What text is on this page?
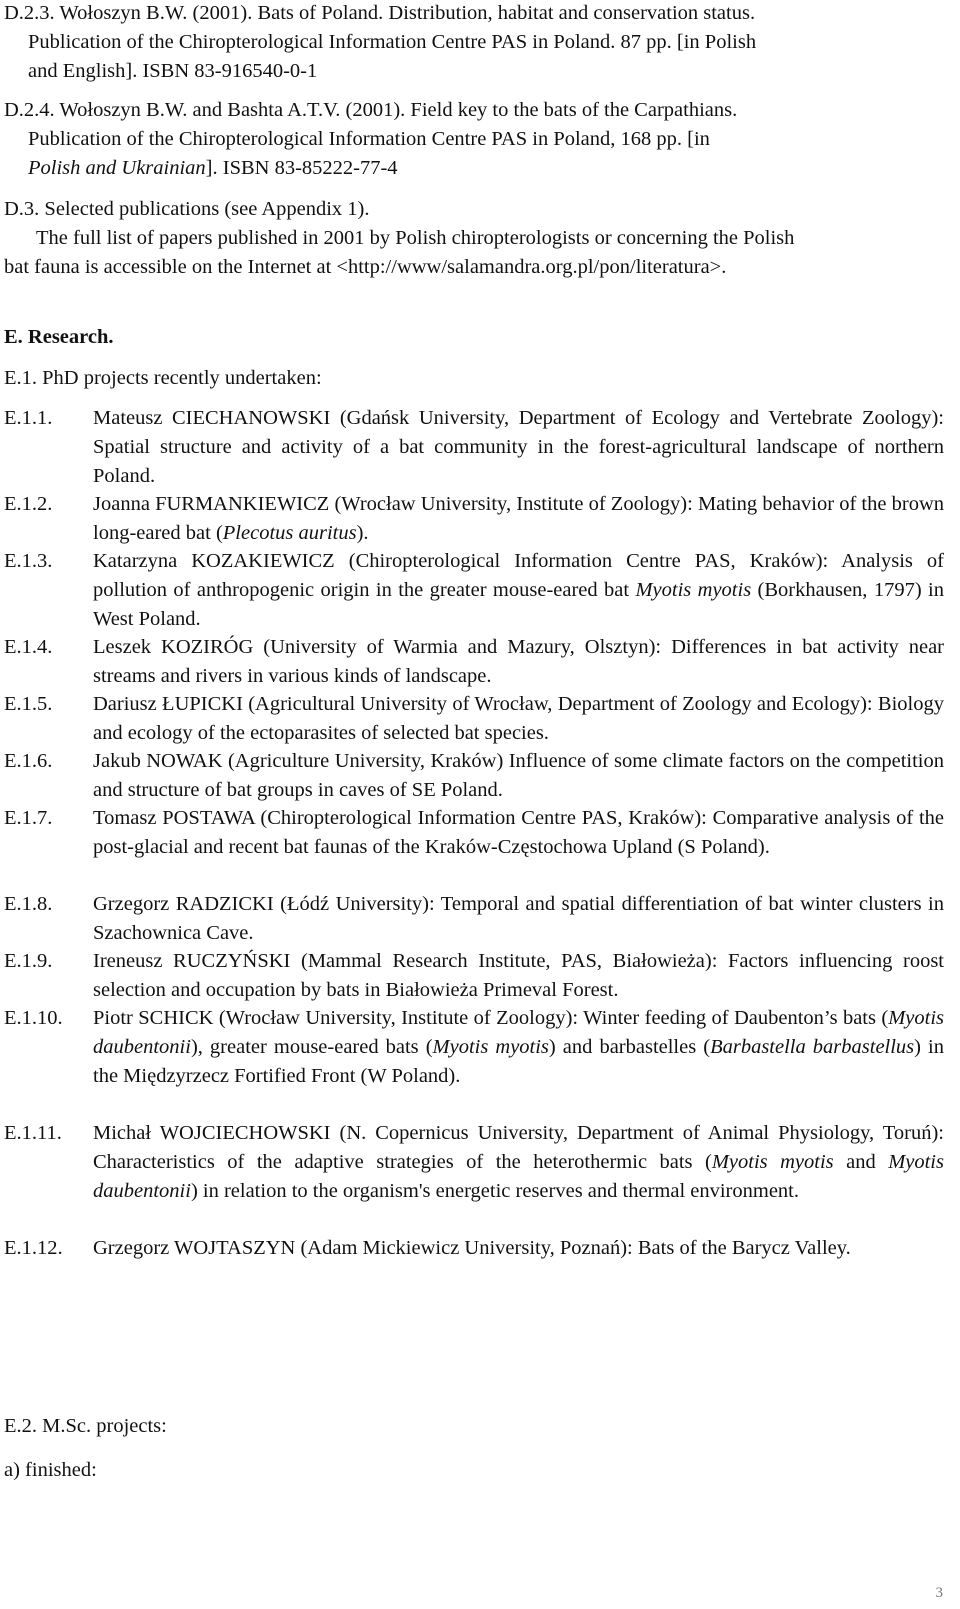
D.2.3. Wołoszyn B.W. (2001). Bats of Poland. Distribution, habitat and conservation status.
Publication of the Chiropterological Information Centre PAS in Poland. 87 pp. [in Polish
and English]. ISBN 83-916540-0-1
D.2.4. Wołoszyn B.W. and Bashta A.T.V. (2001). Field key to the bats of the Carpathians.
Publication of the Chiropterological Information Centre PAS in Poland, 168 pp. [in
Polish and Ukrainian]. ISBN 83-85222-77-4

D.3. Selected publications (see Appendix 1).

The full list of papers published in 2001 by Polish chiropterologists or concerning the Polish

bat fauna is accessible on the Internet at <http://www/salamandra.org.pl/pon/literatura>.

E. Research.

E.1. PhD projects recently undertaken:

E.1.1.	Mateusz CIECHANOWSKI (Gdańsk University, Department of Ecology and Vertebrate Zoology): Spatial structure and activity of a bat community in the forest-agricultural landscape of northern Poland.
E.1.2.	Joanna FURMANKIEWICZ (Wrocław University, Institute of Zoology): Mating behavior of the brown long-eared bat (Plecotus auritus).
E.1.3.	Katarzyna KOZAKIEWICZ (Chiropterological Information Centre PAS, Kraków): Analysis of pollution of anthropogenic origin in the greater mouse-eared bat Myotis myotis (Borkhausen, 1797) in West Poland.
E.1.4.	Leszek KOZIRÓG (University of Warmia and Mazury, Olsztyn): Differences in bat activity near streams and rivers in various kinds of landscape.
E.1.5.	Dariusz ŁUPICKI (Agricultural University of Wrocław, Department of Zoology and Ecology): Biology and ecology of the ectoparasites of selected bat species.
E.1.6.	Jakub NOWAK (Agriculture University, Kraków) Influence of some climate factors on the competition and structure of bat groups in caves of SE Poland.
E.1.7.	Tomasz POSTAWA (Chiropterological Information Centre PAS, Kraków): Comparative analysis of the post-glacial and recent bat faunas of the Kraków-Częstochowa Upland (S Poland).
E.1.8.	Grzegorz RADZICKI (Łódź University): Temporal and spatial differentiation of bat winter clusters in Szachownica Cave.
E.1.9.	Ireneusz RUCZYŃSKI (Mammal Research Institute, PAS, Białowieża): Factors influencing roost selection and occupation by bats in Białowieża Primeval Forest.
E.1.10.	Piotr SCHICK (Wrocław University, Institute of Zoology): Winter feeding of Daubenton’s bats (Myotis daubentonii), greater mouse-eared bats (Myotis myotis) and barbastelles (Barbastella barbastellus) in the Międzyrzecz Fortified Front (W Poland).
E.1.11.	Michał WOJCIECHOWSKI (N. Copernicus University, Department of Animal Physiology, Toruń): Characteristics of the adaptive strategies of the heterothermic bats (Myotis myotis and Myotis daubentonii) in relation to the organism's energetic reserves and thermal environment.
E.1.12.	Grzegorz WOJTASZYN (Adam Mickiewicz University, Poznań): Bats of the Barycz Valley.

E.2. M.Sc. projects:

a) finished:

3
